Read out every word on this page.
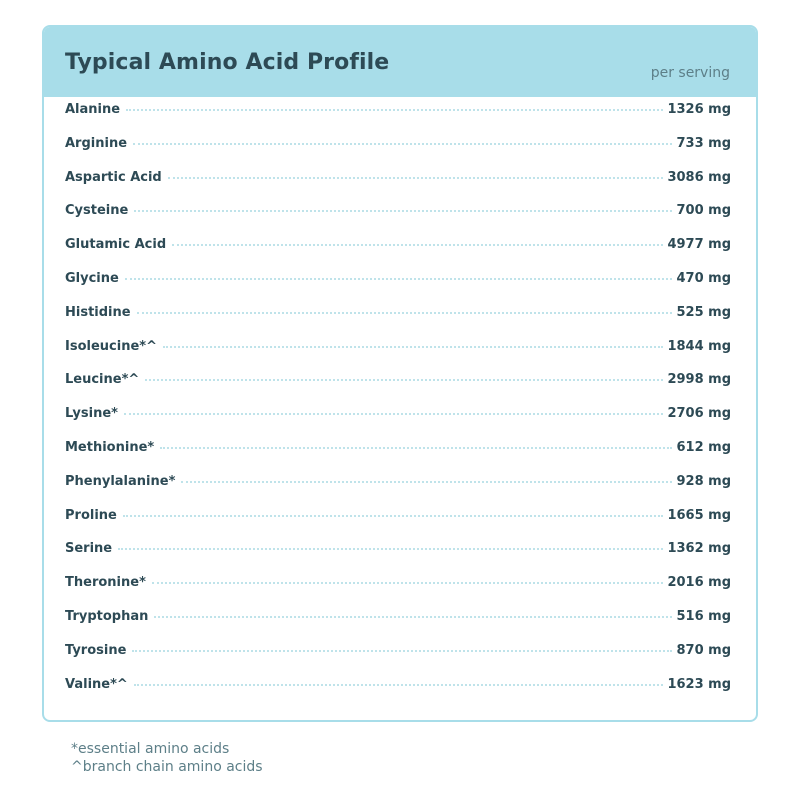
Typical Amino Acid Profile	per serving
Alanine	1326 mg
Arginine	733 mg
Aspartic Acid	3086 mg
Cysteine	700 mg
Glutamic Acid	4977 mg
Glycine	470 mg
Histidine	525 mg
Isoleucine*^	1844 mg
Leucine*^	2998 mg
Lysine*	2706 mg
Methionine*	612 mg
Phenylalanine*	928 mg
Proline	1665 mg
Serine	1362 mg
Theronine*	2016 mg
Tryptophan	516 mg
Tyrosine	870 mg
Valine*^	1623 mg
*essential amino acids
^branch chain amino acids
